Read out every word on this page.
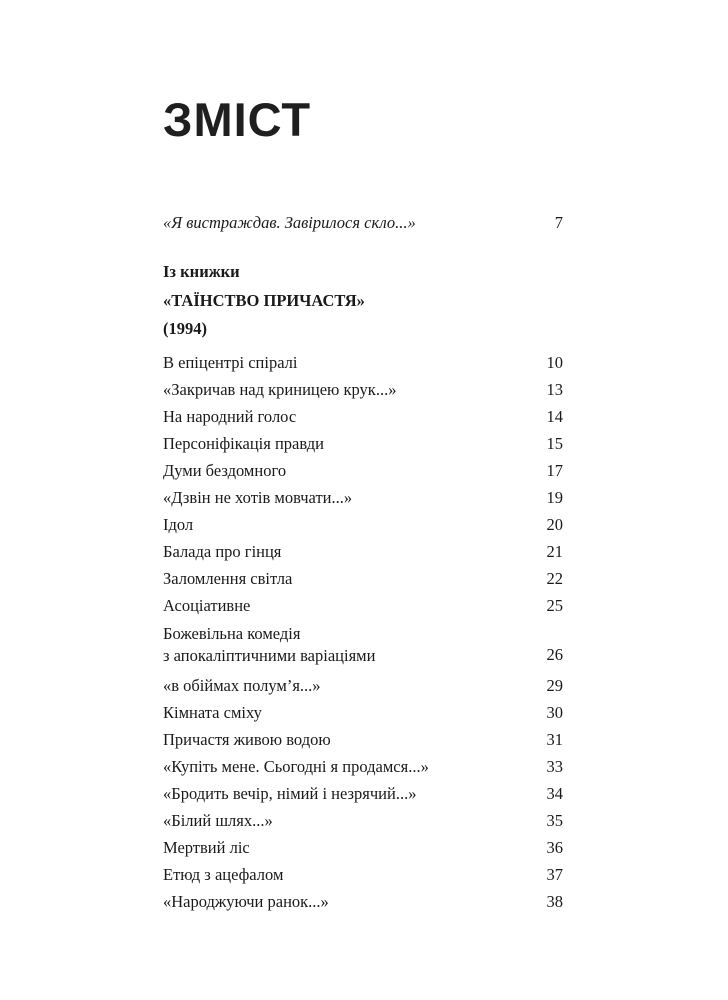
ЗМІСТ
«Я вистраждав. Завірилося скло...»	7
Із книжки
«ТАЇНСТВО ПРИЧАСТЯ»
(1994)
В епіцентрі спіралі	10
«Закричав над криницею крук...»	13
На народний голос	14
Персоніфікація правди	15
Думи бездомного	17
«Дзвін не хотів мовчати...»	19
Ідол	20
Балада про гінця	21
Заломлення світла	22
Асоціативне	25
Божевільна комедія
з апокаліптичними варіаціями	26
«в обіймах полум’я...»	29
Кімната сміху	30
Причастя живою водою	31
«Купіть мене. Сьогодні я продамся...»	33
«Бродить вечір, німий і незрячий...»	34
«Білий шлях...»	35
Мертвий ліс	36
Етюд з ацефалом	37
«Народжуючи ранок...»	38
